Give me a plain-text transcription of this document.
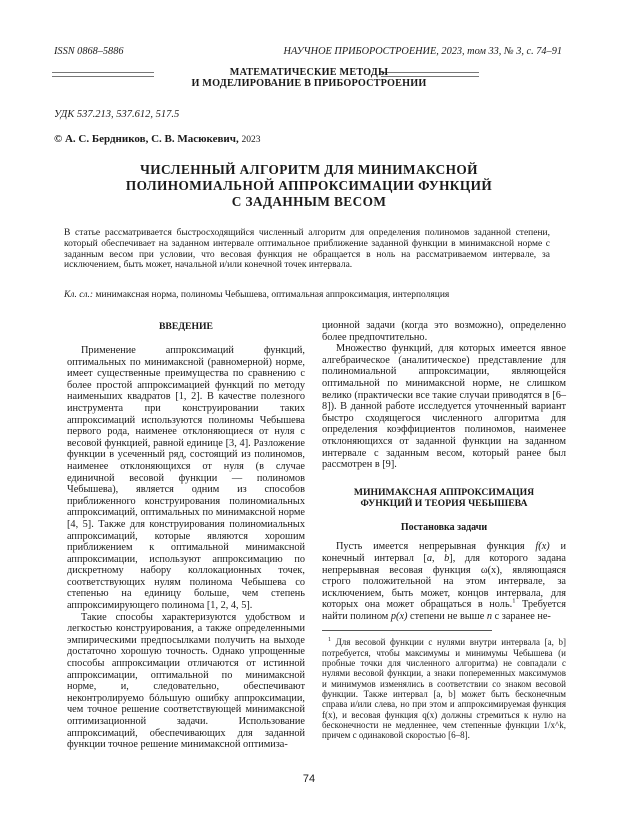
ISSN 0868–5886	НАУЧНОЕ ПРИБОРОСТРОЕНИЕ, 2023, том 33, № 3, с. 74–91
МАТЕМАТИЧЕСКИЕ МЕТОДЫ
И МОДЕЛИРОВАНИЕ В ПРИБОРОСТРОЕНИИ
УДК 537.213, 537.612, 517.5
© А. С. Бердников, С. В. Масюкевич, 2023
ЧИСЛЕННЫЙ АЛГОРИТМ ДЛЯ МИНИМАКСНОЙ
ПОЛИНОМИАЛЬНОЙ АППРОКСИМАЦИИ ФУНКЦИЙ
С ЗАДАННЫМ ВЕСОМ
В статье рассматривается быстросходящийся численный алгоритм для определения полиномов заданной степени, который обеспечивает на заданном интервале оптимальное приближение заданной функции в минимаксной норме с заданным весом при условии, что весовая функция не обращается в ноль на рассматриваемом интервале, за исключением, быть может, начальной и/или конечной точек интервала.
Кл. сл.: минимаксная норма, полиномы Чебышева, оптимальная аппроксимация, интерполяция
ВВЕДЕНИЕ

Применение аппроксимаций функций, оптимальных по минимаксной (равномерной) норме, имеет существенные преимущества по сравнению с более простой аппроксимацией функций по методу наименьших квадратов [1, 2]. В качестве полезного инструмента при конструировании таких аппроксимаций используются полиномы Чебышева первого рода, наименее отклоняющиеся от нуля с весовой функцией, равной единице [3, 4]. Разложение функции в усеченный ряд, состоящий из полиномов, наименее отклоняющихся от нуля (в случае единичной весовой функции — полиномов Чебышева), является одним из способов приближенного конструирования полиномиальных аппроксимаций, оптимальных по минимаксной норме [4, 5]. Также для конструирования полиномиальных аппроксимаций, которые являются хорошим приближением к оптимальной минимаксной аппроксимации, используют аппроксимацию по дискретному набору коллокационных точек, соответствующих нулям полинома Чебышева со степенью на единицу больше, чем степень аппроксимирующего полинома [1, 2, 4, 5].

Такие способы характеризуются удобством и легкостью конструирования, а также определенными эмпирическими предпосылками получить на выходе достаточно хорошую точность. Однако упрощенные способы аппроксимации отличаются от истинной аппроксимации, оптимальной по минимаксной норме, и, следовательно, обеспечивают неконтролируемо бóльшую ошибку аппроксимации, чем точное решение соответствующей минимаксной оптимизационной задачи. Использование аппроксимаций, обеспечивающих для заданной функции точное решение минимаксной оптимиза-

ционной задачи (когда это возможно), определенно более предпочтительно.

Множество функций, для которых имеется явное алгебраическое (аналитическое) представление для полиномиальной аппроксимации, являющейся оптимальной по минимаксной норме, не слишком велико (практически все такие случаи приводятся в [6–8]). В данной работе исследуется уточненный вариант быстро сходящегося численного алгоритма для определения коэффициентов полиномов, наименее отклоняющихся от заданной функции на заданном интервале с заданным весом, который ранее был рассмотрен в [9].

МИНИМАКСНАЯ АППРОКСИМАЦИЯ
ФУНКЦИЙ И ТЕОРИЯ ЧЕБЫШЕВА
Постановка задачи

Пусть имеется непрерывная функция f(x) и конечный интервал [a, b], для которого задана непрерывная весовая функция ω(x), являющаяся строго положительной на этом интервале, за исключением, быть может, концов интервала, для которых она может обращаться в ноль.$^1$ Требуется найти полином p(x) степени не выше n с заранее не-

$^1$ Для весовой функции с нулями внутри интервала [a, b] потребуется, чтобы максимумы и минимумы Чебышева (и пробные точки для численного алгоритма) не совпадали с нулями весовой функции, а знаки попеременных максимумов и минимумов изменялись в соответствии со знаком весовой функции. Также интервал [a, b] может быть бесконечным справа и/или слева, но при этом и аппроксимируемая функция f(x), и весовая функция q(x) должны стремиться к нулю на бесконечности не медленнее, чем степенные функции 1/x^k, причем с одинаковой скоростью [6–8].
74
